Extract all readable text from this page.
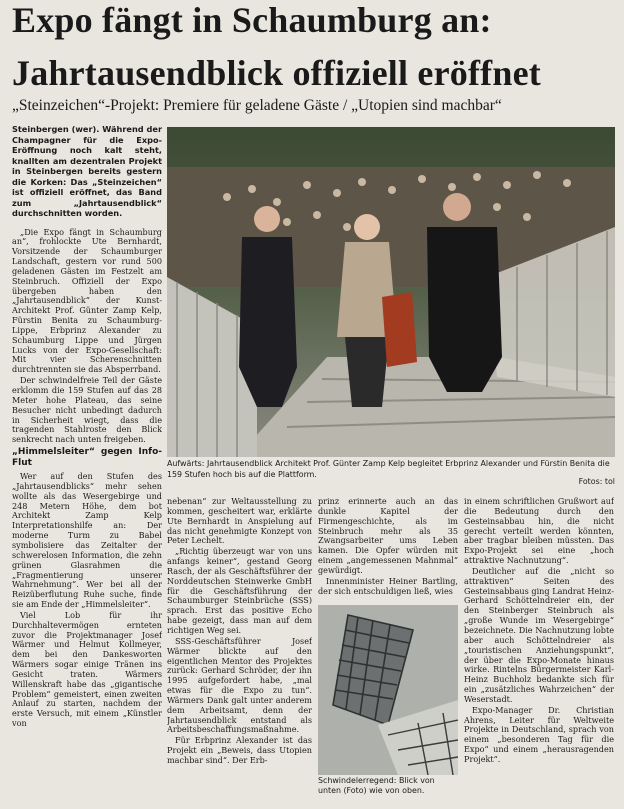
Expo fängt in Schaumburg an:
Jahrtausendblick offiziell eröffnet
„Steinzeichen“-Projekt: Premiere für geladene Gäste / „Utopien sind machbar“

Steinbergen (wer). Während der Champagner für die Expo-Eröffnung noch kalt steht, knallten am dezentralen Projekt in Steinbergen bereits gestern die Korken: Das „Steinzeichen“ ist offiziell eröffnet, das Band zum „Jahrtausendblick“ durchschnitten worden.

„Die Expo fängt in Schaumburg an“, frohlockte Ute Bernhardt, Vorsitzende der Schaumburger Landschaft, gestern vor rund 500 geladenen Gästen im Festzelt am Steinbruch. Offiziell der Expo übergeben haben den „Jahrtausendblick“ der Kunst-Architekt Prof. Günter Zamp Kelp, Fürstin Benita zu Schaumburg-Lippe, Erbprinz Alexander zu Schaumburg Lippe und Jürgen Lucks von der Expo-Gesellschaft: Mit vier Scherenschnitten durchtrennten sie das Absperrband.

Der schwindelfreie Teil der Gäste erklomm die 159 Stufen auf das 28 Meter hohe Plateau, das seine Besucher nicht unbedingt dadurch in Sicherheit wiegt, dass die tragenden Stahlroste den Blick senkrecht nach unten freigeben.

„Himmelsleiter“ gegen Info-Flut

Wer auf den Stufen des „Jahrtausendblicks“ mehr sehen wollte als das Wesergebirge und 248 Metern Höhe, dem bot Architekt Zamp Kelp Interpretationshilfe an: Der moderne Turm zu Babel symbolisiere das Zeitalter der schwerelosen Information, die zehn grünen Glasrahmen die „Fragmentierung unserer Wahrnehmung“. Wer bei all der Reizüberflutung Ruhe suche, finde sie am Ende der „Himmelsleiter“.

Viel Lob für ihr Durchhaltevermögen ernteten zuvor die Projektmanager Josef Wärmer und Helmut Kollmeyer, dem bei den Dankesworten Wärmers sogar einige Tränen ins Gesicht traten. Wärmers Willenskraft habe das „gigantische Problem“ gemeistert, einen zweiten Anlauf zu starten, nachdem der erste Versuch, mit einem „Künstler von

Aufwärts: Jahrtausendblick Architekt Prof. Günter Zamp Kelp begleitet Erbprinz Alexander und Fürstin Benita die 159 Stufen hoch bis auf die Plattform.
Fotos: tol

nebenan“ zur Weltausstellung zu kommen, gescheitert war, erklärte Ute Bernhardt in Anspielung auf das nicht genehmigte Konzept von Peter Lechelt.

„Richtig überzeugt war von uns anfangs keiner“, gestand Georg Rasch, der als Geschäftsführer der Norddeutschen Steinwerke GmbH für die Geschäftsführung der Schaumburger Steinbrüche (SSS) sprach. Erst das positive Echo habe gezeigt, dass man auf dem richtigen Weg sei.

SSS-Geschäftsführer Josef Wärmer blickte auf den eigentlichen Mentor des Projektes zurück: Gerhard Schröder, der ihn 1995 aufgefordert habe, „mal etwas für die Expo zu tun“. Wärmers Dank galt unter anderem dem Arbeitsamt, denn der Jahrtausendblick entstand als Arbeitsbeschaffungsmaßnahme.

Für Erbprinz Alexander ist das Projekt ein „Beweis, dass Utopien machbar sind“. Der Erb-

prinz erinnerte auch an das dunkle Kapitel der Firmengeschichte, als im Steinbruch mehr als 35 Zwangsarbeiter ums Leben kamen. Die Opfer würden mit einem „angemessenen Mahnmal“ gewürdigt.

Innenminister Heiner Bartling, der sich entschuldigen ließ, wies

Schwindelerregend: Blick von unten (Foto) wie von oben.

in einem schriftlichen Grußwort auf die Bedeutung durch den Gesteinsabbau hin, die nicht gerecht verteilt werden könnten, aber tragbar bleiben müssten. Das Expo-Projekt sei eine „hoch attraktive Nachnutzung“.

Deutlicher auf die „nicht so attraktiven“ Seiten des Gesteinsabbaus ging Landrat Heinz-Gerhard Schöttelndreier ein, der den Steinberger Steinbruch als „große Wunde im Wesergebirge“ bezeichnete. Die Nachnutzung lobte aber auch Schöttelndreier als „touristischen Anziehungspunkt“, der über die Expo-Monate hinaus wirke. Rintelns Bürgermeister Karl-Heinz Buchholz bedankte sich für ein „zusätzliches Wahrzeichen“ der Weserstadt.

Expo-Manager Dr. Christian Ahrens, Leiter für Weltweite Projekte in Deutschland, sprach von einem „besonderen Tag für die Expo“ und einem „herausragenden Projekt“.
